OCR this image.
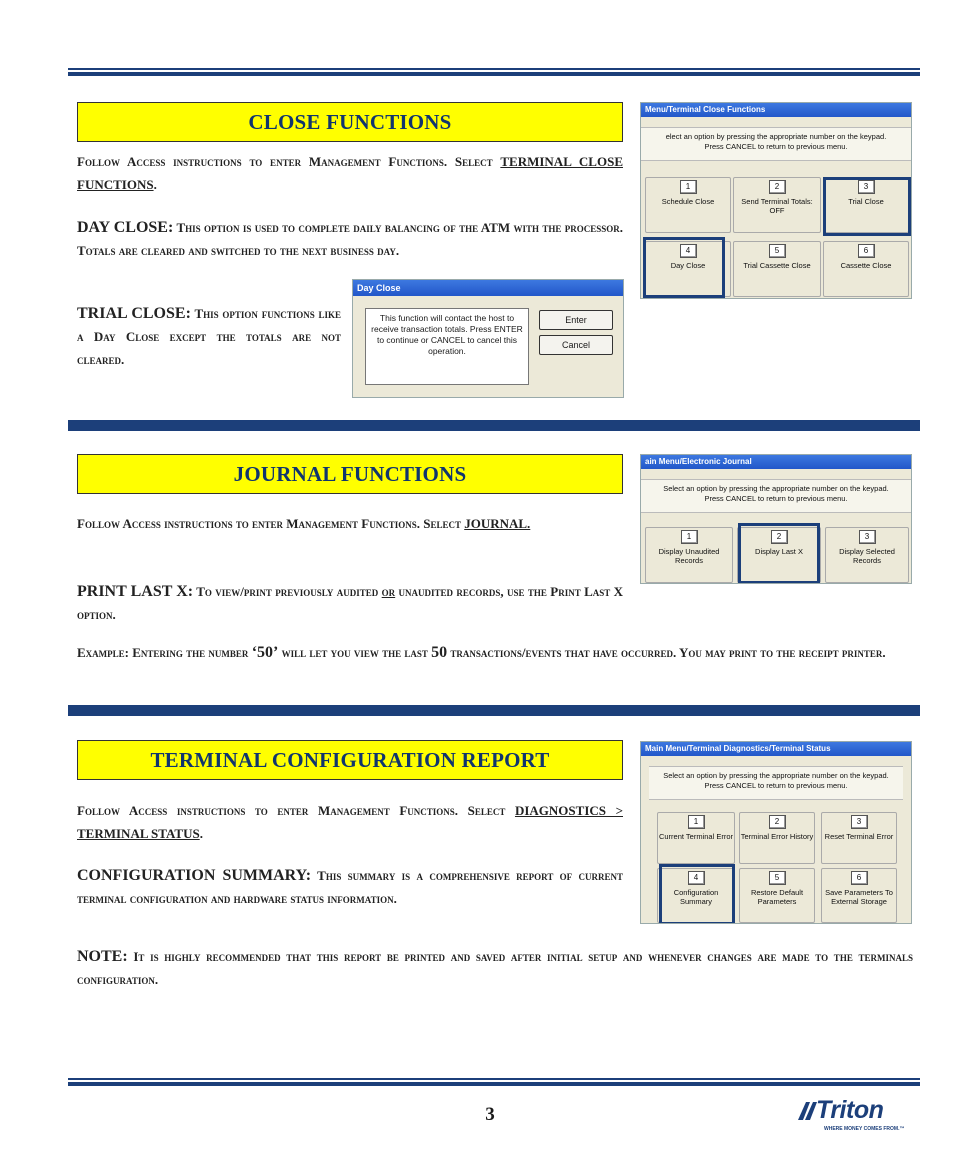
CLOSE FUNCTIONS
Follow Access instructions to enter Management Functions. Select TERMINAL CLOSE FUNCTIONS.
DAY CLOSE: This option is used to complete daily balancing of the ATM with the processor. Totals are cleared and switched to the next business day.
TRIAL CLOSE: This option functions like a Day Close except the totals are not cleared.
Menu/Terminal Close Functions
elect an option by pressing the appropriate number on the keypad.
Press CANCEL to return to previous menu.
1
Schedule Close
2
Send Terminal Totals: OFF
3
Trial Close
4
Day Close
5
Trial Cassette Close
6
Cassette Close
Day Close
This function will contact the host to receive transaction totals. Press ENTER to continue or CANCEL to cancel this operation.
Enter
Cancel
JOURNAL FUNCTIONS
Follow Access instructions to enter Management Functions. Select JOURNAL.
PRINT LAST X: To view/print previously audited or unaudited records, use the Print Last X option.
Example: Entering the number ‘50’ will let you view the last 50 transactions/events that have occurred. You may print to the receipt printer.
ain Menu/Electronic Journal
Select an option by pressing the appropriate number on the keypad.
Press CANCEL to return to previous menu.
1
Display Unaudited Records
2
Display Last X
3
Display Selected Records
TERMINAL CONFIGURATION REPORT
Follow Access instructions to enter Management Functions. Select DIAGNOSTICS > TERMINAL STATUS.
CONFIGURATION SUMMARY: This summary is a comprehensive report of current terminal configuration and hardware status information.
NOTE: It is highly recommended that this report be printed and saved after initial setup and whenever changes are made to the terminals configuration.
Main Menu/Terminal Diagnostics/Terminal Status
Select an option by pressing the appropriate number on the keypad.
Press CANCEL to return to previous menu.
1
Current Terminal Error
2
Terminal Error History
3
Reset Terminal Error
4
Configuration Summary
5
Restore Default Parameters
6
Save Parameters To External Storage
3	Triton
WHERE MONEY COMES FROM.™
